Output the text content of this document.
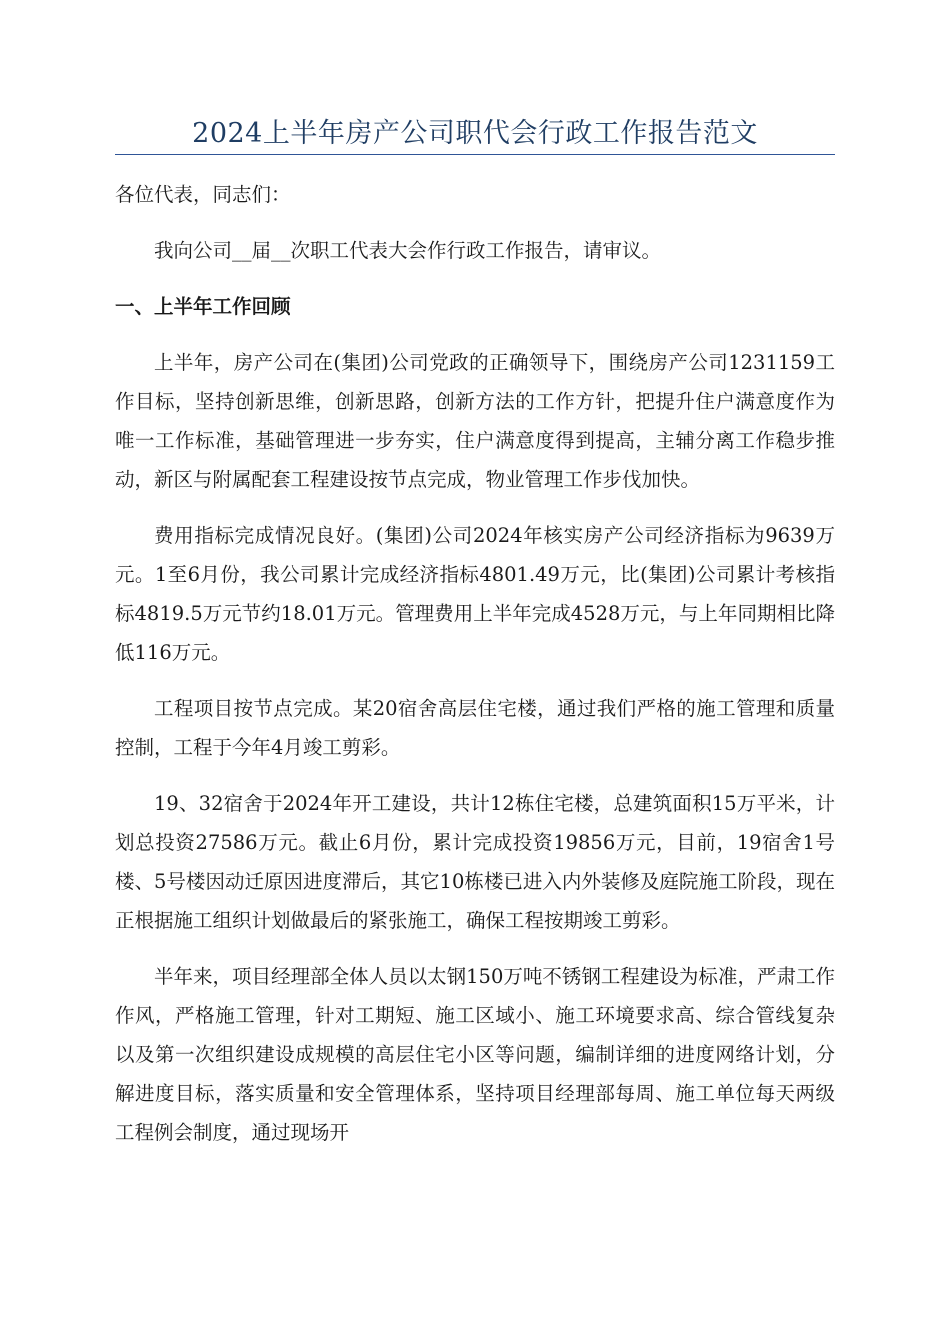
2024上半年房产公司职代会行政工作报告范文

各位代表，同志们：

我向公司__届__次职工代表大会作行政工作报告，请审议。

一、上半年工作回顾

上半年，房产公司在(集团)公司党政的正确领导下，围绕房产公司1231159工作目标，坚持创新思维，创新思路，创新方法的工作方针，把提升住户满意度作为唯一工作标准，基础管理进一步夯实，住户满意度得到提高，主辅分离工作稳步推动，新区与附属配套工程建设按节点完成，物业管理工作步伐加快。

费用指标完成情况良好。(集团)公司2024年核实房产公司经济指标为9639万元。1至6月份，我公司累计完成经济指标4801.49万元，比(集团)公司累计考核指标4819.5万元节约18.01万元。管理费用上半年完成4528万元，与上年同期相比降低116万元。

工程项目按节点完成。某20宿舍高层住宅楼，通过我们严格的施工管理和质量控制，工程于今年4月竣工剪彩。

19、32宿舍于2024年开工建设，共计12栋住宅楼，总建筑面积15万平米，计划总投资27586万元。截止6月份，累计完成投资19856万元，目前，19宿舍1号楼、5号楼因动迁原因进度滞后，其它10栋楼已进入内外装修及庭院施工阶段，现在正根据施工组织计划做最后的紧张施工，确保工程按期竣工剪彩。

半年来，项目经理部全体人员以太钢150万吨不锈钢工程建设为标准，严肃工作作风，严格施工管理，针对工期短、施工区域小、施工环境要求高、综合管线复杂以及第一次组织建设成规模的高层住宅小区等问题，编制详细的进度网络计划，分解进度目标，落实质量和安全管理体系，坚持项目经理部每周、施工单位每天两级工程例会制度，通过现场开
